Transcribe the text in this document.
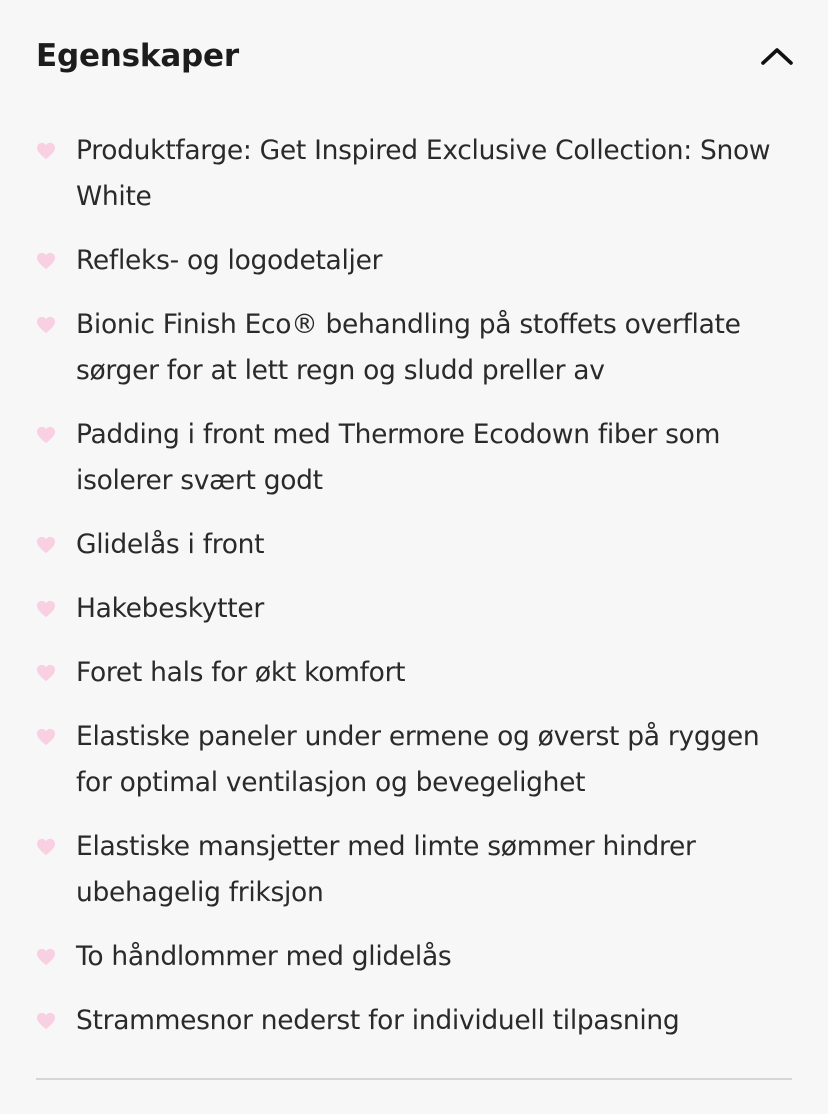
Egenskaper
Produktfarge: Get Inspired Exclusive Collection: Snow White
Refleks- og logodetaljer
Bionic Finish Eco® behandling på stoffets overflate sørger for at lett regn og sludd preller av
Padding i front med Thermore Ecodown fiber som isolerer svært godt
Glidelås i front
Hakebeskytter
Foret hals for økt komfort
Elastiske paneler under ermene og øverst på ryggen for optimal ventilasjon og bevegelighet
Elastiske mansjetter med limte sømmer hindrer ubehagelig friksjon
To håndlommer med glidelås
Strammesnor nederst for individuell tilpasning
